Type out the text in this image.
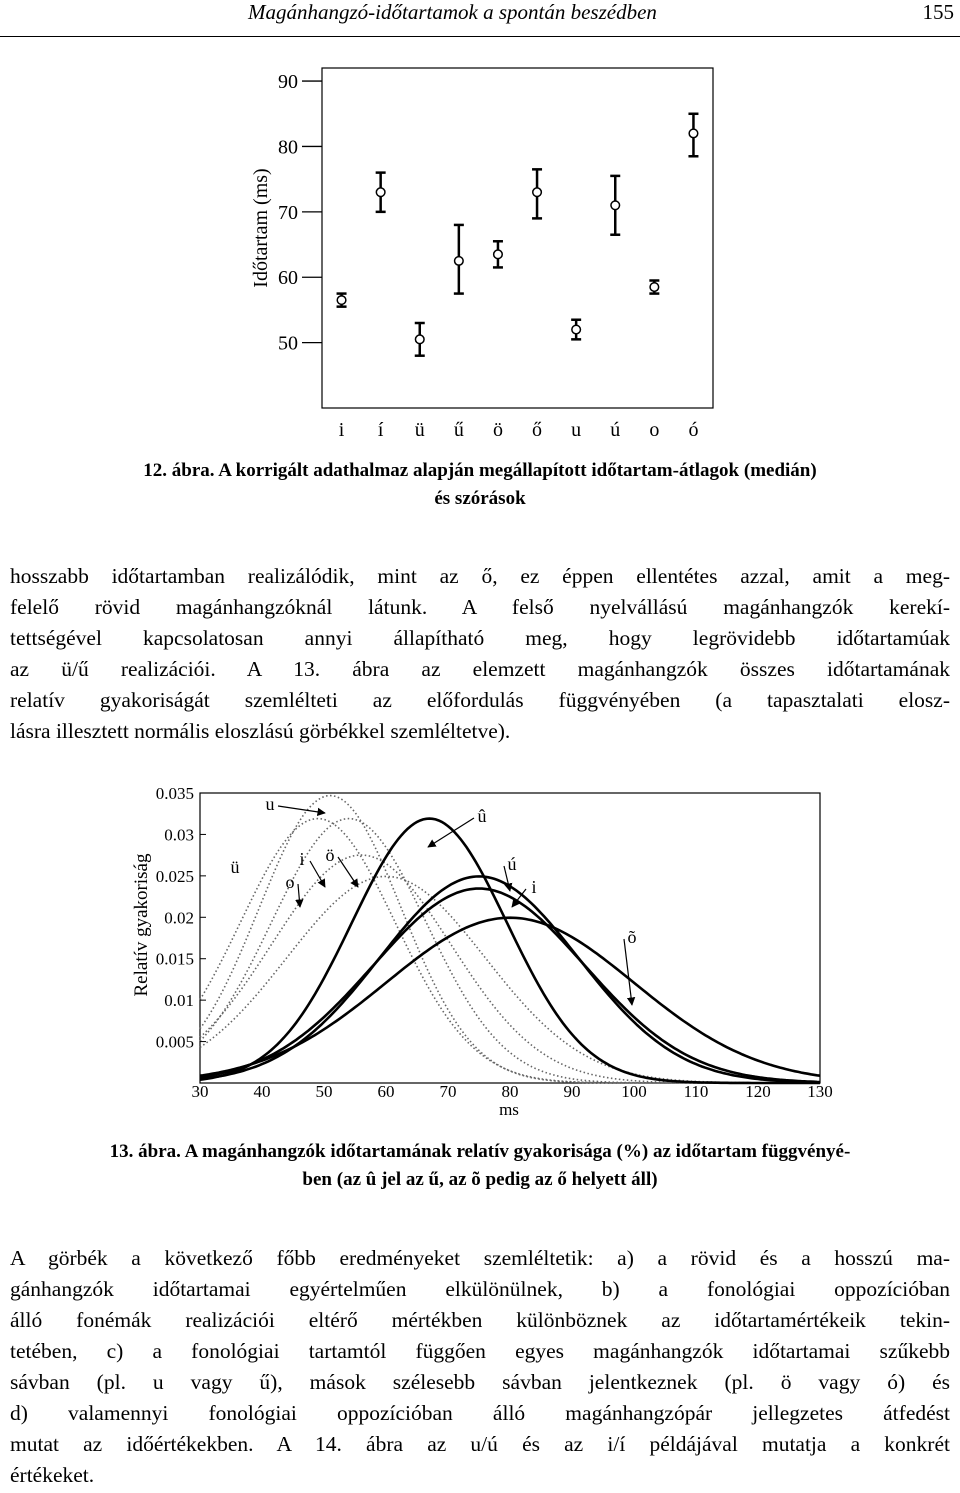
Magánhangzó-időtartamok a spontán beszédben	155
50
60
70
80
90
i í ü ű ö ő u ú o ó
Időtartam (ms)
12. ábra. A korrigált adathalmaz alapján megállapított időtartam-átlagok (medián)
és szórások
hosszabb időtartamban realizálódik, mint az ő, ez éppen ellentétes azzal, amit a meg-
felelő rövid magánhangzóknál látunk. A felső nyelvállású magánhangzók kerekí-
tettségével kapcsolatosan annyi állapítható meg, hogy legrövidebb időtartamúak
az ü/ű realizációi. A 13. ábra az elemzett magánhangzók összes időtartamának
relatív gyakoriságát szemlélteti az előfordulás függvényében (a tapasztalati elosz-
lásra illesztett normális eloszlású görbékkel szemléltetve).
u
û
ü	i ö
o
ú
i
õ
30	40	50	60	70	80	90 100 110 120 130
0.005
0.01
0.015
0.02
0.025
0.03
0.035
ms
Relatív gyakoriság
13. ábra. A magánhangzók időtartamának relatív gyakorisága (%) az időtartam függvényé-
ben (az û jel az ű, az õ pedig az ő helyett áll)
A görbék a következő főbb eredményeket szemléltetik: a) a rövid és a hosszú ma-
gánhangzók időtartamai egyértelműen elkülönülnek, b) a fonológiai oppozícióban
álló fonémák realizációi eltérő mértékben különböznek az időtartamértékeik tekin-
tetében, c) a fonológiai tartamtól függően egyes magánhangzók időtartamai szűkebb
sávban (pl. u vagy ű), mások szélesebb sávban jelentkeznek (pl. ö vagy ó) és
d) valamennyi fonológiai oppozícióban álló magánhangzópár jellegzetes átfedést
mutat az időértékekben. A 14. ábra az u/ú és az i/í példájával mutatja a konkrét
értékeket.
